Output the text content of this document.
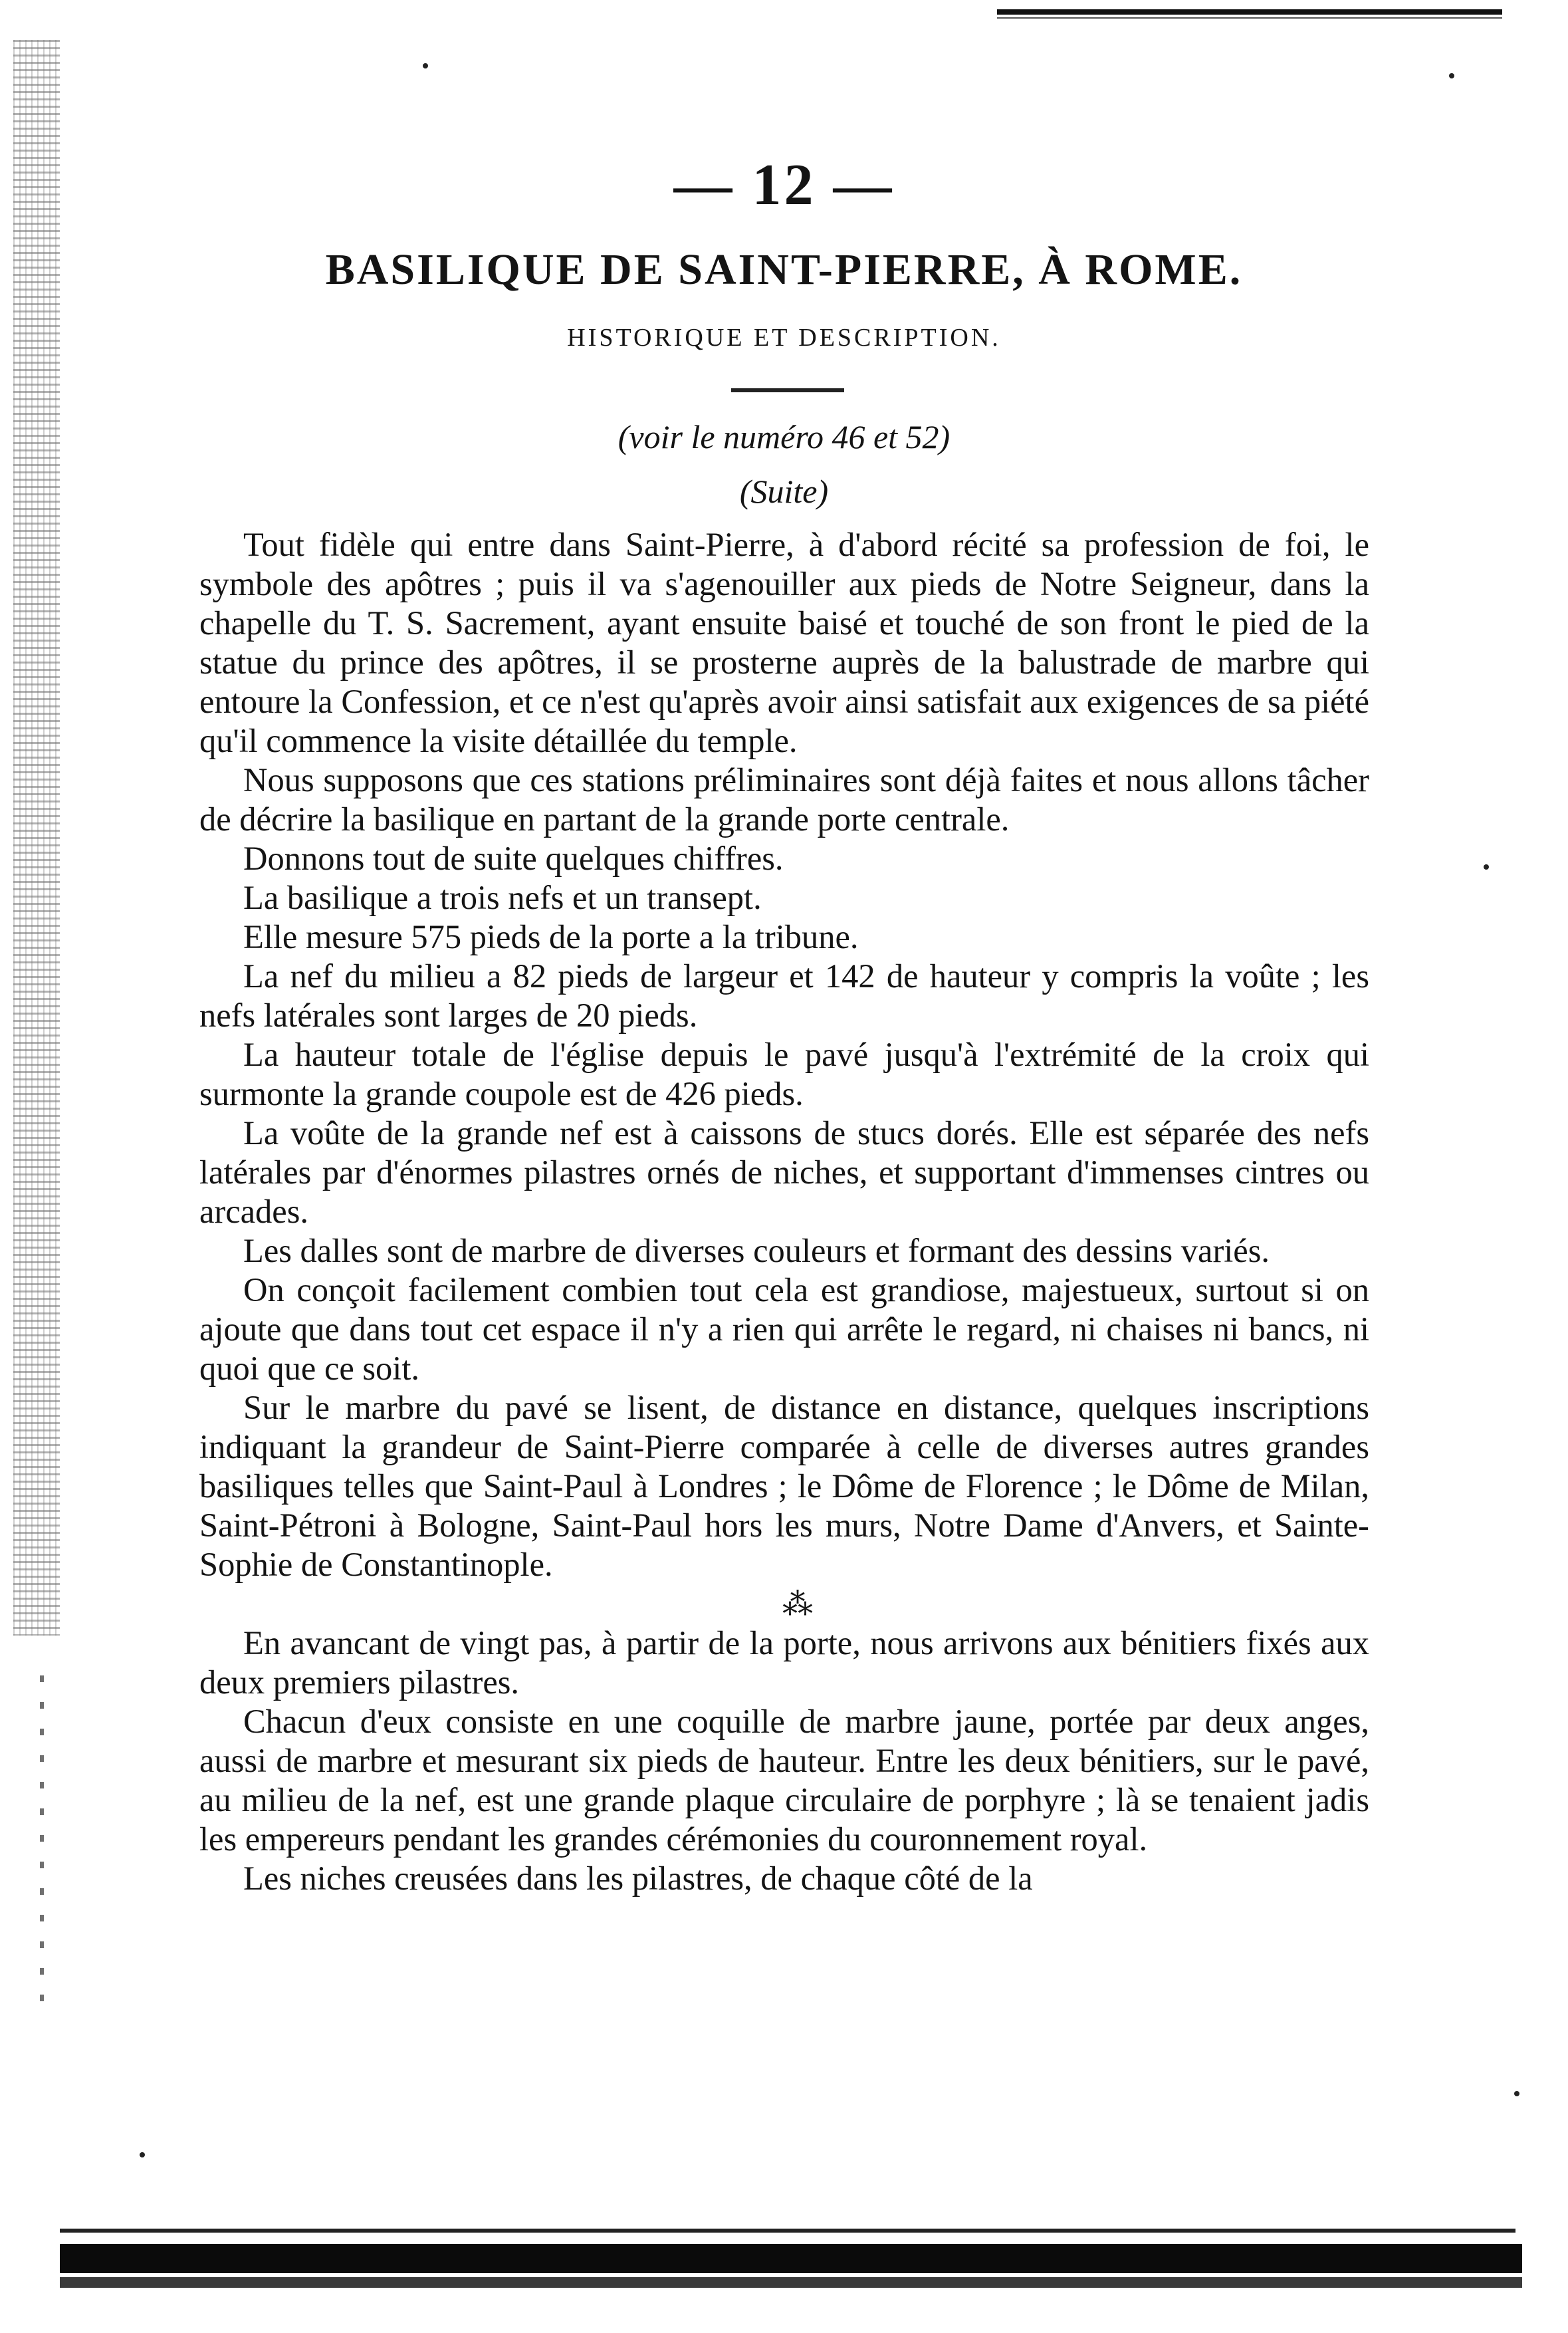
— 12 —
BASILIQUE DE SAINT-PIERRE, À ROME.
HISTORIQUE ET DESCRIPTION.
(voir le numéro 46 et 52)
(Suite)

Tout fidèle qui entre dans Saint-Pierre, à d'abord récité sa profession de foi, le symbole des apôtres ; puis il va s'agenouiller aux pieds de Notre Seigneur, dans la chapelle du T. S. Sacrement, ayant ensuite baisé et touché de son front le pied de la statue du prince des apôtres, il se prosterne auprès de la balustrade de marbre qui entoure la Confession, et ce n'est qu'après avoir ainsi satisfait aux exigences de sa piété qu'il commence la visite détaillée du temple.

Nous supposons que ces stations préliminaires sont déjà faites et nous allons tâcher de décrire la basilique en partant de la grande porte centrale.

Donnons tout de suite quelques chiffres.

La basilique a trois nefs et un transept.

Elle mesure 575 pieds de la porte a la tribune.

La nef du milieu a 82 pieds de largeur et 142 de hauteur y compris la voûte ; les nefs latérales sont larges de 20 pieds.

La hauteur totale de l'église depuis le pavé jusqu'à l'extrémité de la croix qui surmonte la grande coupole est de 426 pieds.

La voûte de la grande nef est à caissons de stucs dorés. Elle est séparée des nefs latérales par d'énormes pilastres ornés de niches, et supportant d'immenses cintres ou arcades.

Les dalles sont de marbre de diverses couleurs et formant des dessins variés.

On conçoit facilement combien tout cela est grandiose, majestueux, surtout si on ajoute que dans tout cet espace il n'y a rien qui arrête le regard, ni chaises ni bancs, ni quoi que ce soit.

Sur le marbre du pavé se lisent, de distance en distance, quelques inscriptions indiquant la grandeur de Saint-Pierre comparée à celle de diverses autres grandes basiliques telles que Saint-Paul à Londres ; le Dôme de Florence ; le Dôme de Milan, Saint-Pétroni à Bologne, Saint-Paul hors les murs, Notre Dame d'Anvers, et Sainte-Sophie de Constantinople.

⁂

En avancant de vingt pas, à partir de la porte, nous arrivons aux bénitiers fixés aux deux premiers pilastres.

Chacun d'eux consiste en une coquille de marbre jaune, portée par deux anges, aussi de marbre et mesurant six pieds de hauteur. Entre les deux bénitiers, sur le pavé, au milieu de la nef, est une grande plaque circulaire de porphyre ; là se tenaient jadis les empereurs pendant les grandes cérémonies du couronnement royal.

Les niches creusées dans les pilastres, de chaque côté de la
